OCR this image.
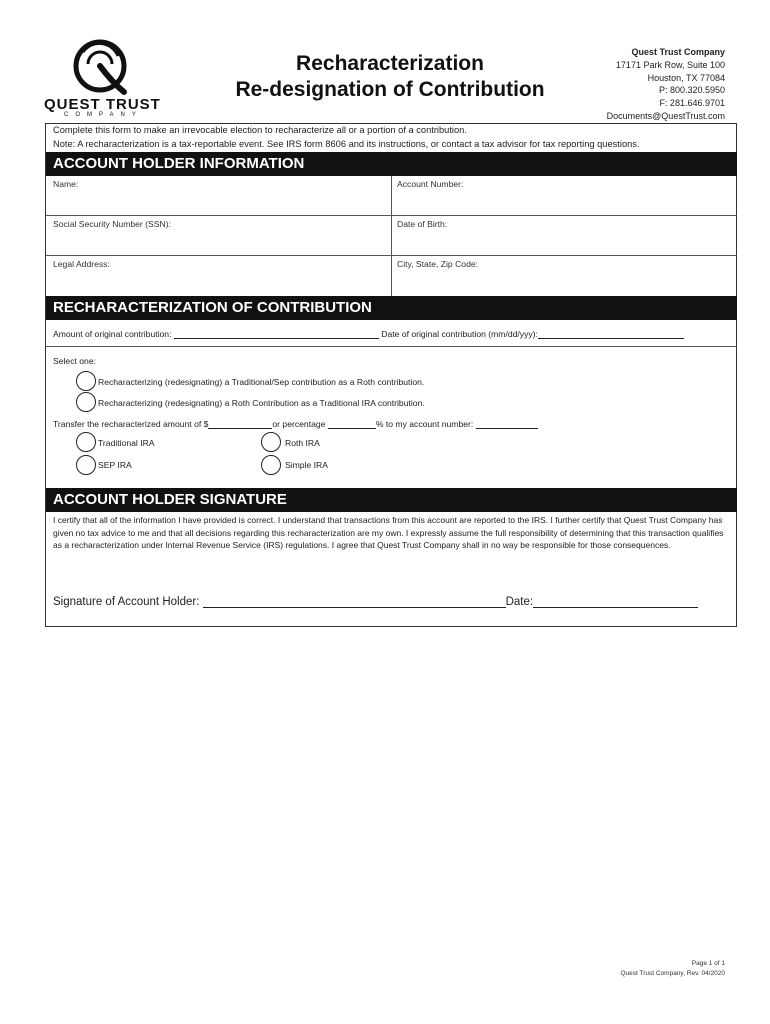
QUEST TRUST
COMPANY
Recharacterization
Re-designation of Contribution
Quest Trust Company
17171 Park Row, Suite 100
Houston, TX 77084
P: 800.320.5950
F: 281.646.9701
Documents@QuestTrust.com
Complete this form to make an irrevocable election to recharacterize all or a portion of a contribution.
Note: A recharacterization is a tax-reportable event. See IRS form 8606 and its instructions, or contact a tax advisor for tax reporting questions.
ACCOUNT HOLDER INFORMATION
Name:	Account Number:
Social Security Number (SSN):	Date of Birth:
Legal Address:	City, State, Zip Code:
RECHARACTERIZATION OF CONTRIBUTION
Amount of original contribution:	Date of original contribution (mm/dd/yyy):
Select one:
Recharacterizing (redesignating) a Traditional/Sep contribution as a Roth contribution.
Recharacterizing (redesignating) a Roth Contribution as a Traditional IRA contribution.
Transfer the recharacterized amount of $	or percentage	% to my account number:
Traditional IRA	Roth IRA
SEP IRA	Simple IRA
ACCOUNT HOLDER SIGNATURE
I certify that all of the information I have provided is correct. I understand that transactions from this account are reported to the IRS. I further certify that Quest Trust Company has given no tax advice to me and that all decisions regarding this recharacterization are my own. I expressly assume the full responsibility of determining that this transaction qualifies as a recharacterization under Internal Revenue Service (IRS) regulations. I agree that Quest Trust Company shall in no way be responsible for those consequences.
Signature of Account Holder:	Date:
Page 1 of 1
Quest Trust Company, Rev. 04/2020
